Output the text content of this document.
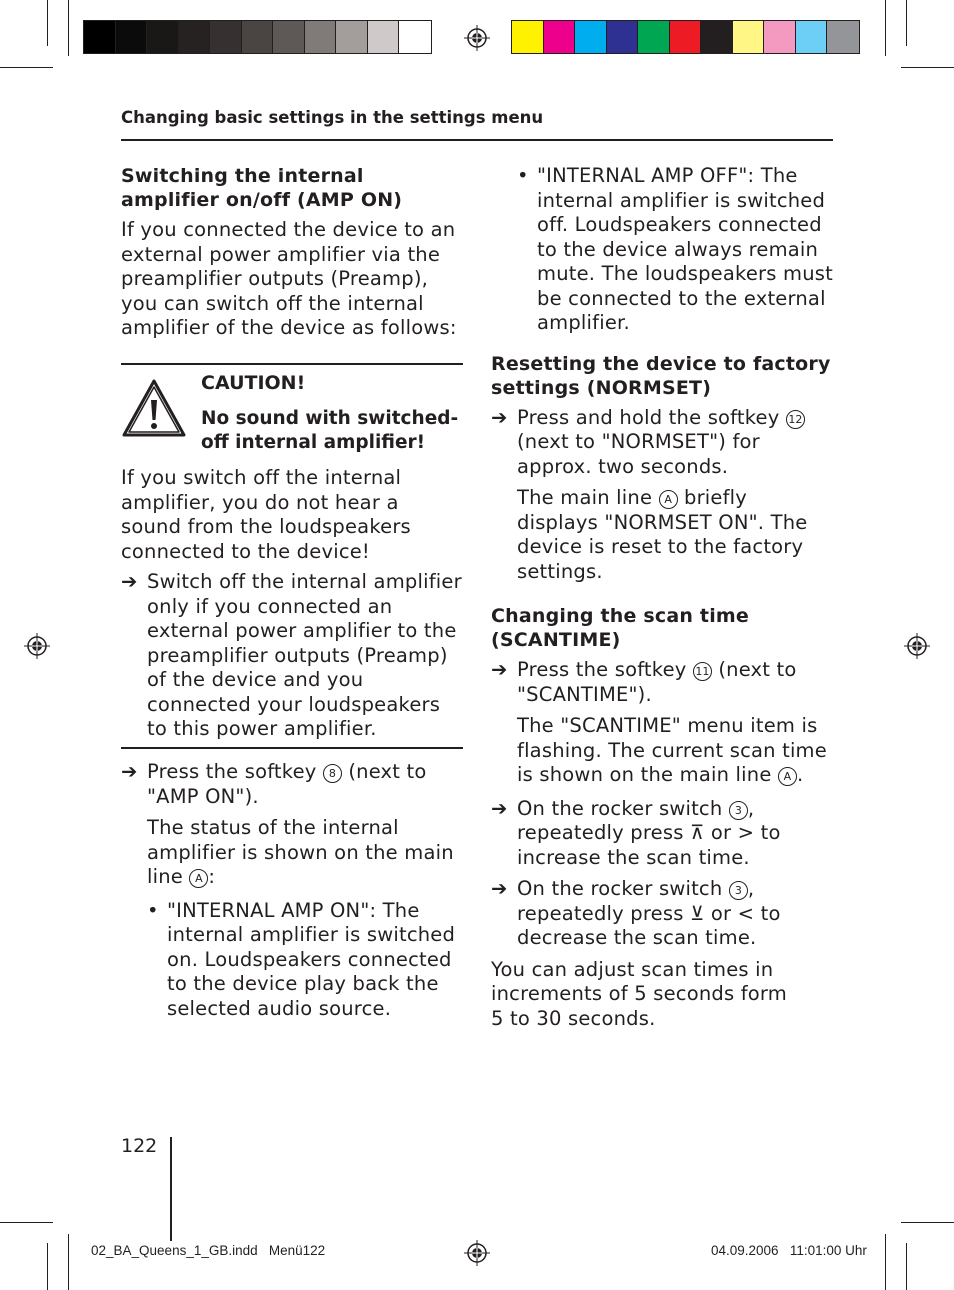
Changing basic settings in the settings menu

Switching the internal amplifier on/off (AMP ON)

If you connected the device to an external power amplifier via the preamplifier outputs (Preamp), you can switch off the internal amplifier of the device as follows:

CAUTION!
No sound with switched-off internal amplifier!

If you switch off the internal amplifier, you do not hear a sound from the loudspeakers connected to the device!

➔ Switch off the internal amplifier only if you connected an external power amplifier to the preamplifier outputs (Preamp) of the device and you connected your loudspeakers to this power amplifier.
➔ Press the softkey 8 (next to "AMP ON").
The status of the internal amplifier is shown on the main line A :
• "INTERNAL AMP ON": The internal amplifier is switched on. Loudspeakers connected to the device play back the selected audio source.
• "INTERNAL AMP OFF": The internal amplifier is switched off. Loudspeakers connected to the device always remain mute. The loudspeakers must be connected to the external amplifier.

Resetting the device to factory settings (NORMSET)

➔ Press and hold the softkey 12 (next to "NORMSET") for approx. two seconds.
The main line A briefly displays "NORMSET ON". The device is reset to the factory settings.

Changing the scan time (SCANTIME)

➔ Press the softkey 11 (next to "SCANTIME").
The "SCANTIME" menu item is flashing. The current scan time is shown on the main line A .
➔ On the rocker switch 3 , repeatedly press ⊼ or > to increase the scan time.
➔ On the rocker switch 3 , repeatedly press ⊻ or < to decrease the scan time.

You can adjust scan times in increments of 5 seconds form 5 to 30 seconds.

122
02_BA_Queens_1_GB.indd   Menü122	04.09.2006   11:01:00 Uhr
